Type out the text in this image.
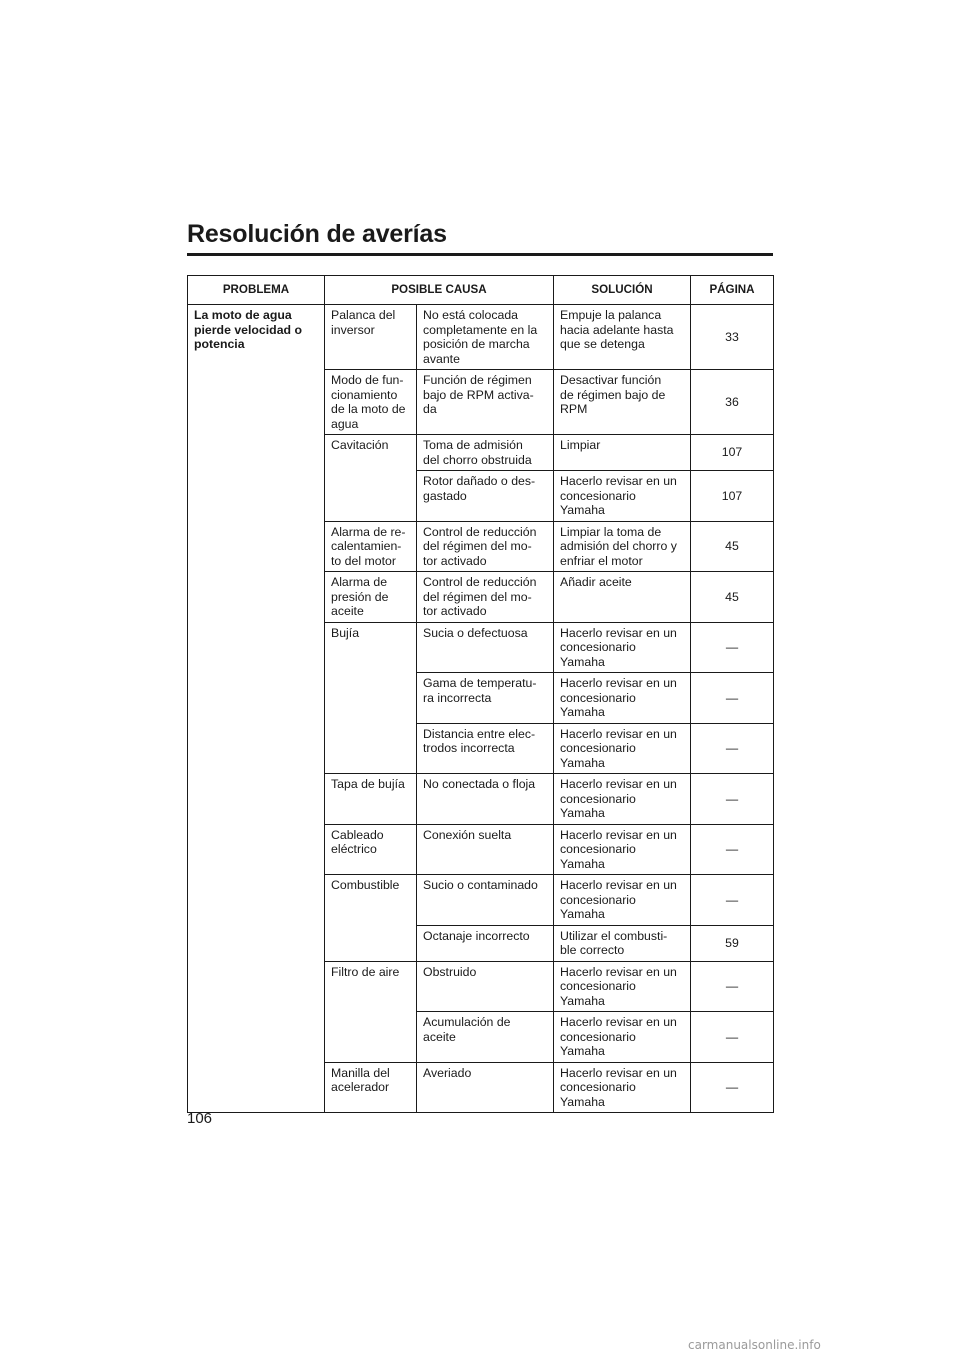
Resolución de averías
PROBLEMA	POSIBLE CAUSA		SOLUCIÓN	PÁGINA

La moto de agua
pierde velocidad o
potencia	Palanca del
inversor	No está colocada
completamente en la
posición de marcha
avante	Empuje la palanca
hacia adelante hasta
que se detenga	33

	Modo de fun-
cionamiento
de la moto de
agua	Función de régimen
bajo de RPM activa-
da	Desactivar función
de régimen bajo de
RPM	36

	Cavitación	Toma de admisión
del chorro obstruida	Limpiar	107

		Rotor dañado o des-
gastado	Hacerlo revisar en un
concesionario
Yamaha	107

	Alarma de re-
calentamien-
to del motor	Control de reducción
del régimen del mo-
tor activado	Limpiar la toma de
admisión del chorro y
enfriar el motor	45

	Alarma de
presión de
aceite	Control de reducción
del régimen del mo-
tor activado	Añadir aceite	45

	Bujía	Sucia o defectuosa	Hacerlo revisar en un
concesionario
Yamaha	—

		Gama de temperatu-
ra incorrecta	Hacerlo revisar en un
concesionario
Yamaha	—

		Distancia entre elec-
trodos incorrecta	Hacerlo revisar en un
concesionario
Yamaha	—

	Tapa de bujía	No conectada o floja	Hacerlo revisar en un
concesionario
Yamaha	—

	Cableado
eléctrico	Conexión suelta	Hacerlo revisar en un
concesionario
Yamaha	—

	Combustible	Sucio o contaminado	Hacerlo revisar en un
concesionario
Yamaha	—

		Octanaje incorrecto	Utilizar el combusti-
ble correcto	59

	Filtro de aire	Obstruido	Hacerlo revisar en un
concesionario
Yamaha	—

		Acumulación de
aceite	Hacerlo revisar en un
concesionario
Yamaha	—

	Manilla del
acelerador	Averiado	Hacerlo revisar en un
concesionario
Yamaha	—

106

carmanualsonline.info
